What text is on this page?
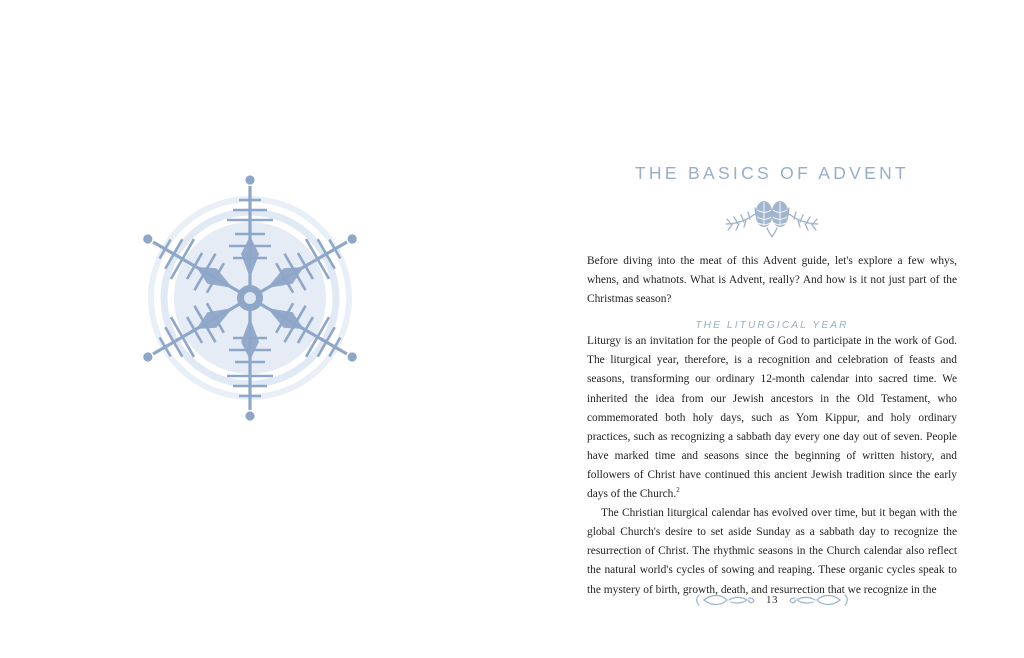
THE BASICS OF ADVENT

Before diving into the meat of this Advent guide, let's explore a few whys, whens, and whatnots. What is Advent, really? And how is it not just part of the Christmas season?

THE LITURGICAL YEAR

Liturgy is an invitation for the people of God to participate in the work of God. The liturgical year, therefore, is a recognition and celebration of feasts and seasons, transforming our ordinary 12-month calendar into sacred time. We inherited the idea from our Jewish ancestors in the Old Testament, who commemorated both holy days, such as Yom Kippur, and holy ordinary practices, such as recognizing a sabbath day every one day out of seven. People have marked time and seasons since the beginning of written history, and followers of Christ have continued this ancient Jewish tradition since the early days of the Church.$^2$

The Christian liturgical calendar has evolved over time, but it began with the global Church's desire to set aside Sunday as a sabbath day to recognize the resurrection of Christ. The rhythmic seasons in the Church calendar also reflect the natural world's cycles of sowing and reaping. These organic cycles speak to the mystery of birth, growth, death, and resurrection that we recognize in the

13
